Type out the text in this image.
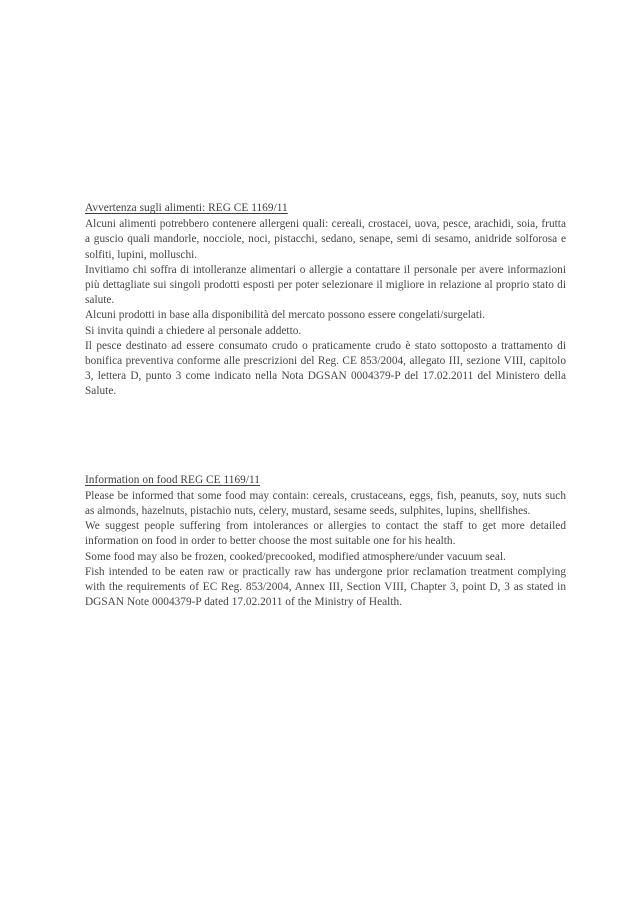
Avvertenza sugli alimenti: REG CE 1169/11

Alcuni alimenti potrebbero contenere allergeni quali: cereali, crostacei, uova, pesce, arachidi, soia, frutta a guscio quali mandorle, nocciole, noci, pistacchi, sedano, senape, semi di sesamo, anidride solforosa e solfiti, lupini, molluschi.

Invitiamo chi soffra di intolleranze alimentari o allergie a contattare il personale per avere informazioni più dettagliate sui singoli prodotti esposti per poter selezionare il migliore in relazione al proprio stato di salute.

Alcuni prodotti in base alla disponibilità del mercato possono essere congelati/surgelati.

Si invita quindi a chiedere al personale addetto.

Il pesce destinato ad essere consumato crudo o praticamente crudo è stato sottoposto a trattamento di bonifica preventiva conforme alle prescrizioni del Reg. CE 853/2004, allegato III, sezione VIII, capitolo 3, lettera D, punto 3 come indicato nella Nota DGSAN 0004379-P del 17.02.2011 del Ministero della Salute.

Information on food REG CE 1169/11

Please be informed that some food may contain: cereals, crustaceans, eggs, fish, peanuts, soy, nuts such as almonds, hazelnuts, pistachio nuts, celery, mustard, sesame seeds, sulphites, lupins, shellfishes.

We suggest people suffering from intolerances or allergies to contact the staff to get more detailed information on food in order to better choose the most suitable one for his health.

Some food may also be frozen, cooked/precooked, modified atmosphere/under vacuum seal.

Fish intended to be eaten raw or practically raw has undergone prior reclamation treatment complying with the requirements of EC Reg. 853/2004, Annex III, Section VIII, Chapter 3, point D, 3 as stated in DGSAN Note 0004379-P dated 17.02.2011 of the Ministry of Health.
